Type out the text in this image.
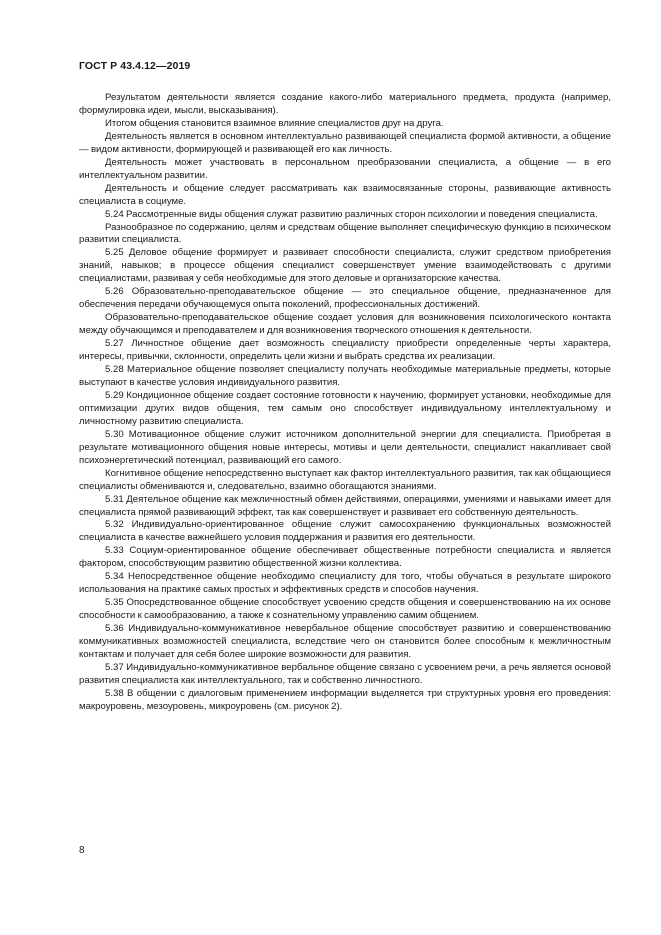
ГОСТ Р 43.4.12—2019

Результатом деятельности является создание какого-либо материального предмета, продукта (например, формулировка идеи, мысли, высказывания).

Итогом общения становится взаимное влияние специалистов друг на друга.

Деятельность является в основном интеллектуально развивающей специалиста формой активности, а общение — видом активности, формирующей и развивающей его как личность.

Деятельность может участвовать в персональном преобразовании специалиста, а общение — в его интеллектуальном развитии.

Деятельность и общение следует рассматривать как взаимосвязанные стороны, развивающие активность специалиста в социуме.

5.24 Рассмотренные виды общения служат развитию различных сторон психологии и поведения специалиста.

Разнообразное по содержанию, целям и средствам общение выполняет специфическую функцию в психическом развитии специалиста.

5.25 Деловое общение формирует и развивает способности специалиста, служит средством приобретения знаний, навыков; в процессе общения специалист совершенствует умение взаимодействовать с другими специалистами, развивая у себя необходимые для этого деловые и организаторские качества.

5.26 Образовательно-преподавательское общение — это специальное общение, предназначенное для обеспечения передачи обучающемуся опыта поколений, профессиональных достижений.

Образовательно-преподавательское общение создает условия для возникновения психологического контакта между обучающимся и преподавателем и для возникновения творческого отношения к деятельности.

5.27 Личностное общение дает возможность специалисту приобрести определенные черты характера, интересы, привычки, склонности, определить цели жизни и выбрать средства их реализации.

5.28 Материальное общение позволяет специалисту получать необходимые материальные предметы, которые выступают в качестве условия индивидуального развития.

5.29 Кондиционное общение создает состояние готовности к научению, формирует установки, необходимые для оптимизации других видов общения, тем самым оно способствует индивидуальному интеллектуальному и личностному развитию специалиста.

5.30 Мотивационное общение служит источником дополнительной энергии для специалиста. Приобретая в результате мотивационного общения новые интересы, мотивы и цели деятельности, специалист накапливает свой психоэнергетический потенциал, развивающий его самого.

Когнитивное общение непосредственно выступает как фактор интеллектуального развития, так как общающиеся специалисты обмениваются и, следовательно, взаимно обогащаются знаниями.

5.31 Деятельное общение как межличностный обмен действиями, операциями, умениями и навыками имеет для специалиста прямой развивающий эффект, так как совершенствует и развивает его собственную деятельность.

5.32 Индивидуально-ориентированное общение служит самосохранению функциональных возможностей специалиста в качестве важнейшего условия поддержания и развития его деятельности.

5.33 Социум-ориентированное общение обеспечивает общественные потребности специалиста и является фактором, способствующим развитию общественной жизни коллектива.

5.34 Непосредственное общение необходимо специалисту для того, чтобы обучаться в результате широкого использования на практике самых простых и эффективных средств и способов научения.

5.35 Опосредствованное общение способствует усвоению средств общения и совершенствованию на их основе способности к самообразованию, а также к сознательному управлению самим общением.

5.36 Индивидуально-коммуникативное невербальное общение способствует развитию и совершенствованию коммуникативных возможностей специалиста, вследствие чего он становится более способным к межличностным контактам и получает для себя более широкие возможности для развития.

5.37 Индивидуально-коммуникативное вербальное общение связано с усвоением речи, а речь является основой развития специалиста как интеллектуального, так и собственно личностного.

5.38 В общении с диалоговым применением информации выделяется три структурных уровня его проведения: макроуровень, мезоуровень, микроуровень (см. рисунок 2).

8
